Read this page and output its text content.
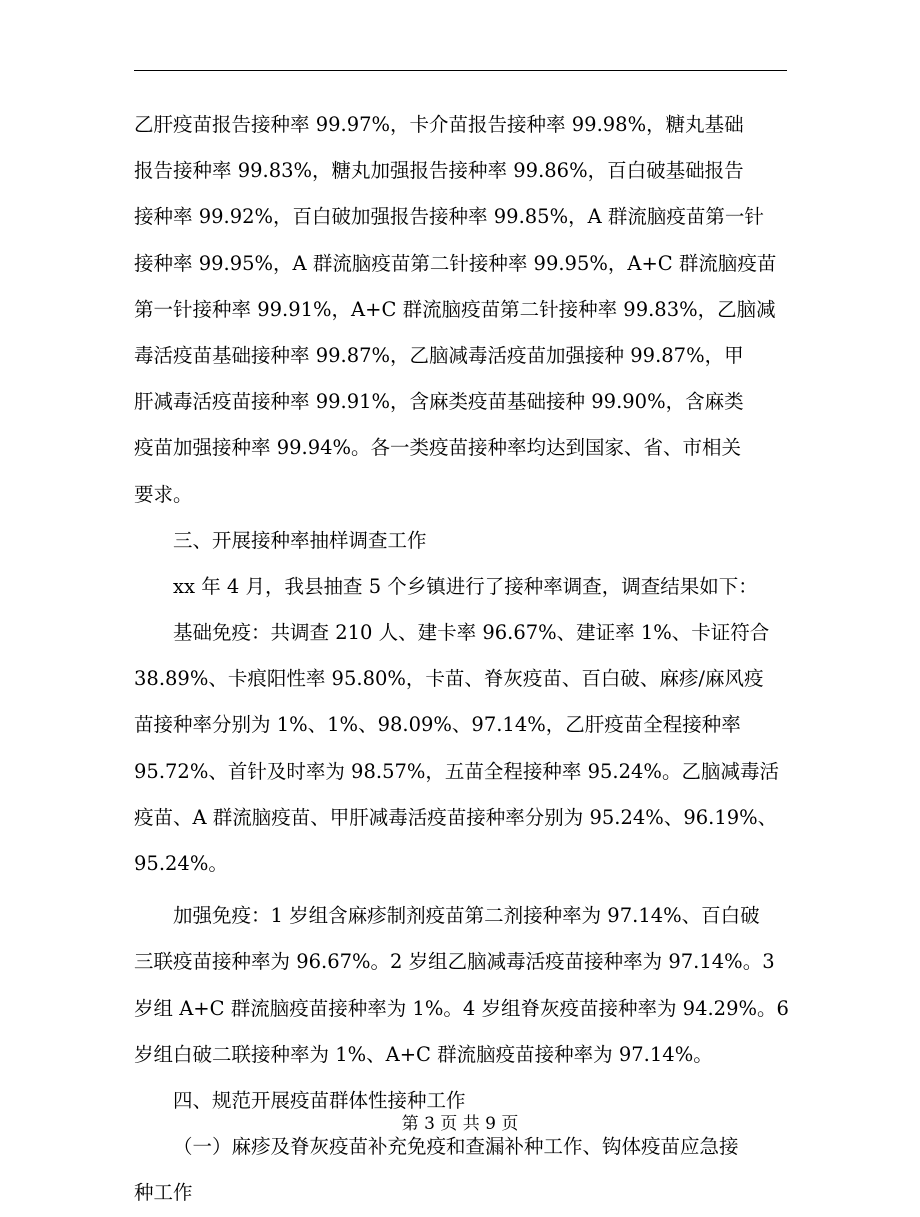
乙肝疫苗报告接种率 99.97%，卡介苗报告接种率 99.98%，糖丸基础
报告接种率 99.83%，糖丸加强报告接种率 99.86%，百白破基础报告
接种率 99.92%，百白破加强报告接种率 99.85%，A 群流脑疫苗第一针
接种率 99.95%，A 群流脑疫苗第二针接种率 99.95%，A+C 群流脑疫苗
第一针接种率 99.91%，A+C 群流脑疫苗第二针接种率 99.83%，乙脑减
毒活疫苗基础接种率 99.87%，乙脑减毒活疫苗加强接种 99.87%，甲
肝减毒活疫苗接种率 99.91%，含麻类疫苗基础接种 99.90%，含麻类
疫苗加强接种率 99.94%。各一类疫苗接种率均达到国家、省、市相关
要求。
三、开展接种率抽样调查工作
xx 年 4 月，我县抽查 5 个乡镇进行了接种率调查，调查结果如下：
基础免疫：共调查 210 人、建卡率 96.67%、建证率 1%、卡证符合
38.89%、卡痕阳性率 95.80%，卡苗、脊灰疫苗、百白破、麻疹/麻风疫
苗接种率分别为 1%、1%、98.09%、97.14%，乙肝疫苗全程接种率
95.72%、首针及时率为 98.57%，五苗全程接种率 95.24%。乙脑减毒活
疫苗、A 群流脑疫苗、甲肝减毒活疫苗接种率分别为 95.24%、96.19%、
95.24%。
加强免疫：1 岁组含麻疹制剂疫苗第二剂接种率为 97.14%、百白破
三联疫苗接种率为 96.67%。2 岁组乙脑减毒活疫苗接种率为 97.14%。3
岁组 A+C 群流脑疫苗接种率为 1%。4 岁组脊灰疫苗接种率为 94.29%。6
岁组白破二联接种率为 1%、A+C 群流脑疫苗接种率为 97.14%。
四、规范开展疫苗群体性接种工作
（一）麻疹及脊灰疫苗补充免疫和查漏补种工作、钩体疫苗应急接
种工作
第 3 页 共 9 页
